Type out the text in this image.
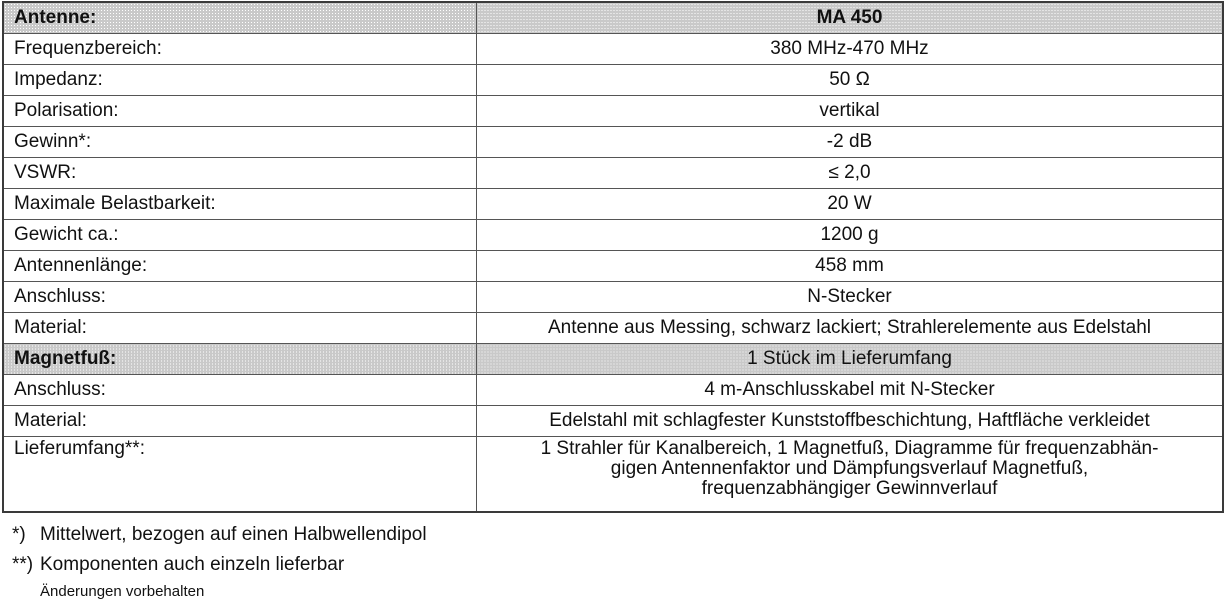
Antenne:	MA 450
Frequenzbereich:	380 MHz-470 MHz
Impedanz:	50 Ω
Polarisation:	vertikal
Gewinn*:	-2 dB
VSWR:	≤ 2,0
Maximale Belastbarkeit:	20 W
Gewicht ca.:	1200 g
Antennenlänge:	458 mm
Anschluss:	N-Stecker
Material:	Antenne aus Messing, schwarz lackiert; Strahlerelemente aus Edelstahl
Magnetfuß:	1 Stück im Lieferumfang
Anschluss:	4 m-Anschlusskabel mit N-Stecker
Material:	Edelstahl mit schlagfester Kunststoffbeschichtung, Haftfläche verkleidet
Lieferumfang**:	1 Strahler für Kanalbereich, 1 Magnetfuß, Diagramme für frequenzabhän-
gigen Antennenfaktor und Dämpfungsverlauf Magnetfuß,
frequenzabhängiger Gewinnverlauf
*) Mittelwert, bezogen auf einen Halbwellendipol
**) Komponenten auch einzeln lieferbar
Änderungen vorbehalten
